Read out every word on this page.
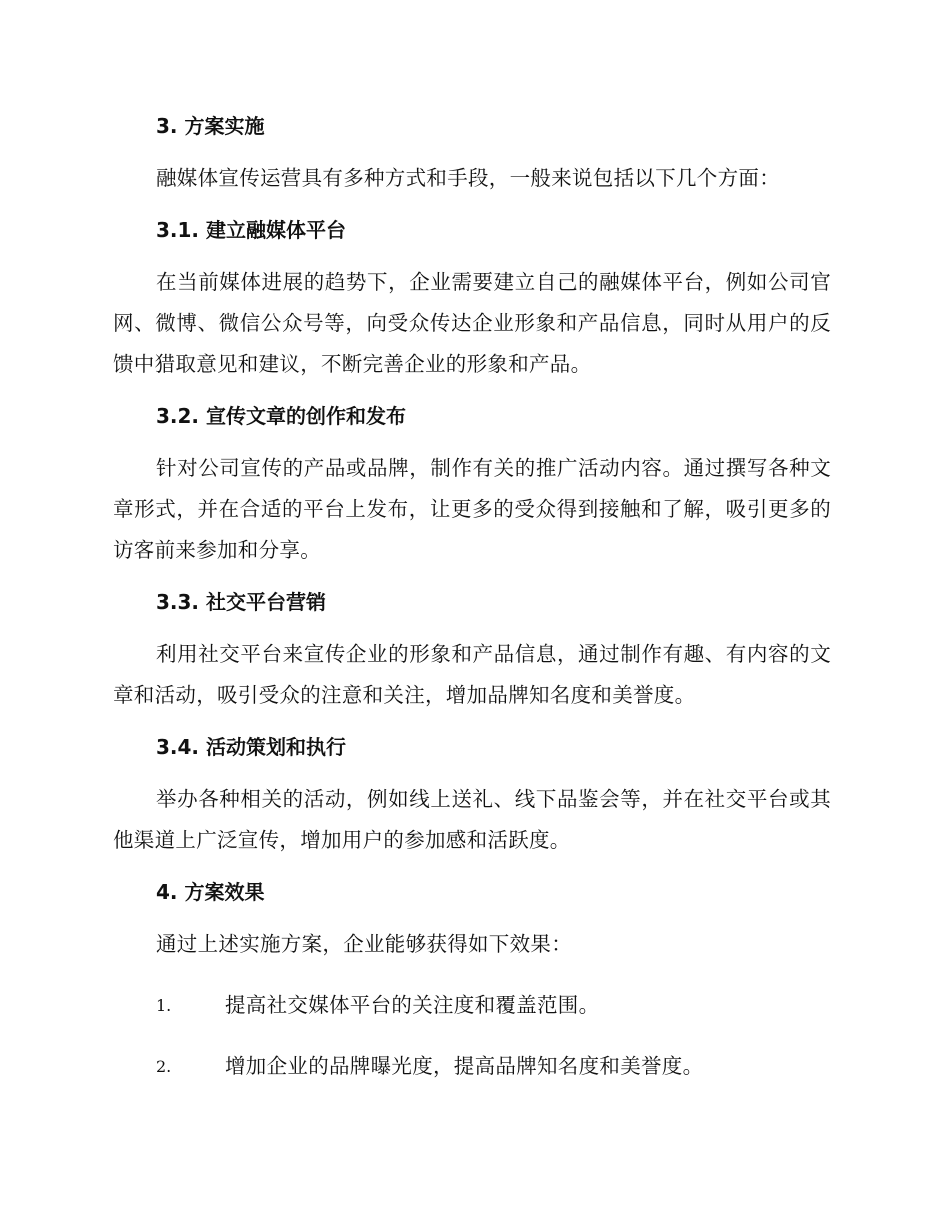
3. 方案实施

融媒体宣传运营具有多种方式和手段，一般来说包括以下几个方面：

3.1. 建立融媒体平台

在当前媒体进展的趋势下，企业需要建立自己的融媒体平台，例如公司官网、微博、微信公众号等，向受众传达企业形象和产品信息，同时从用户的反馈中猎取意见和建议，不断完善企业的形象和产品。

3.2. 宣传文章的创作和发布

针对公司宣传的产品或品牌，制作有关的推广活动内容。通过撰写各种文章形式，并在合适的平台上发布，让更多的受众得到接触和了解，吸引更多的访客前来参加和分享。

3.3. 社交平台营销

利用社交平台来宣传企业的形象和产品信息，通过制作有趣、有内容的文章和活动，吸引受众的注意和关注，增加品牌知名度和美誉度。

3.4. 活动策划和执行

举办各种相关的活动，例如线上送礼、线下品鉴会等，并在社交平台或其他渠道上广泛宣传，增加用户的参加感和活跃度。

4. 方案效果

通过上述实施方案，企业能够获得如下效果：

1.	提高社交媒体平台的关注度和覆盖范围。
2.	增加企业的品牌曝光度，提高品牌知名度和美誉度。
